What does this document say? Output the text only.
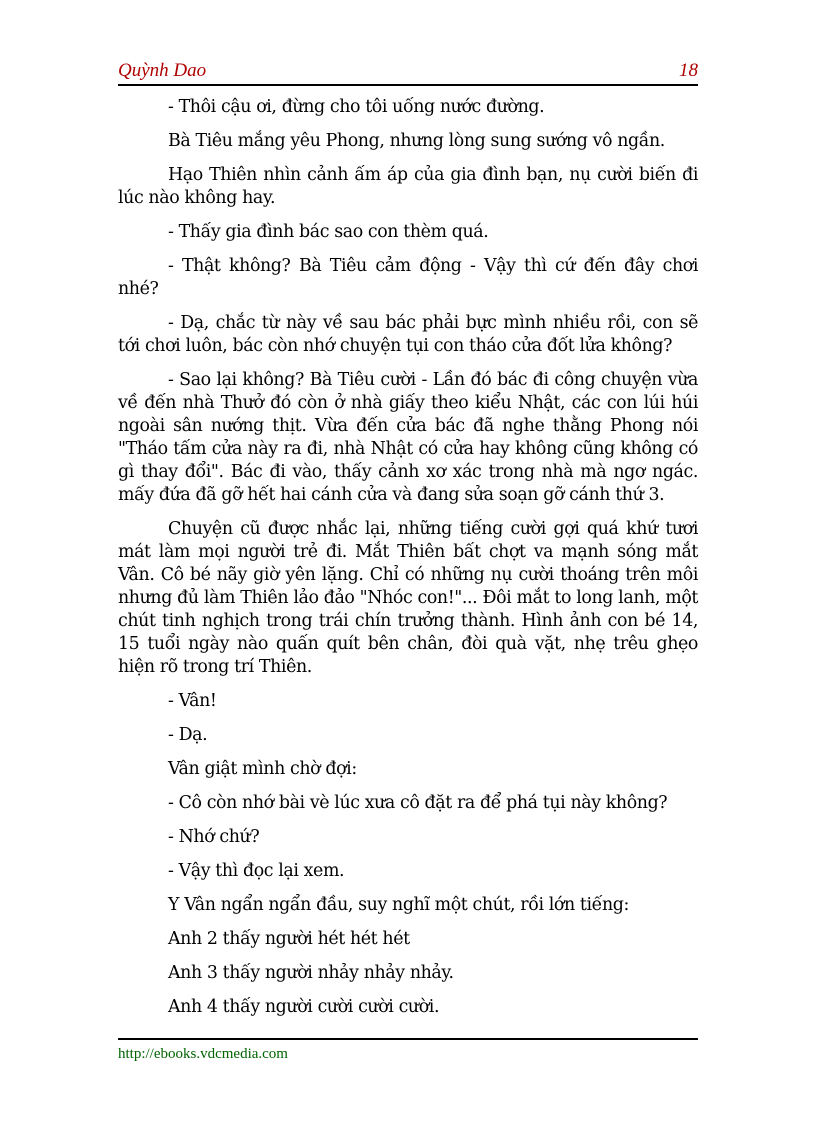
Quỳnh Dao	18

- Thôi cậu ơi, đừng cho tôi uống nước đường.

Bà Tiêu mắng yêu Phong, nhưng lòng sung sướng vô ngần.

Hạo Thiên nhìn cảnh ấm áp của gia đình bạn, nụ cười biến đi lúc nào không hay.

- Thấy gia đình bác sao con thèm quá.

- Thật không? Bà Tiêu cảm động - Vậy thì cứ đến đây chơi nhé?

- Dạ, chắc từ này về sau bác phải bực mình nhiều rồi, con sẽ tới chơi luôn, bác còn nhớ chuyện tụi con tháo cửa đốt lửa không?

- Sao lại không? Bà Tiêu cười - Lần đó bác đi công chuyện vừa về đến nhà Thưở đó còn ở nhà giấy theo kiểu Nhật, các con lúi húi ngoài sân nướng thịt. Vừa đến cửa bác đã nghe thằng Phong nói "Tháo tấm cửa này ra đi, nhà Nhật có cửa hay không cũng không có gì thay đổi". Bác đi vào, thấy cảnh xơ xác trong nhà mà ngơ ngác. mấy đứa đã gỡ hết hai cánh cửa và đang sửa soạn gỡ cánh thứ 3.

Chuyện cũ được nhắc lại, những tiếng cười gợi quá khứ tươi mát làm mọi người trẻ đi. Mắt Thiên bất chợt va mạnh sóng mắt Vân. Cô bé nãy giờ yên lặng. Chỉ có những nụ cười thoáng trên môi nhưng đủ làm Thiên lảo đảo "Nhóc con!"... Đôi mắt to long lanh, một chút tinh nghịch trong trái chín trưởng thành. Hình ảnh con bé 14, 15 tuổi ngày nào quấn quít bên chân, đòi quà vặt, nhẹ trêu ghẹo hiện rõ trong trí Thiên.

- Vân!

- Dạ.

Vân giật mình chờ đợi:

- Cô còn nhớ bài vè lúc xưa cô đặt ra để phá tụi này không?

- Nhớ chứ?

- Vậy thì đọc lại xem.

Y Vân ngẩn ngẩn đầu, suy nghĩ một chút, rồi lớn tiếng:

Anh 2 thấy người hét hét hét

Anh 3 thấy người nhảy nhảy nhảy.

Anh 4 thấy người cười cười cười.

http://ebooks.vdcmedia.com
